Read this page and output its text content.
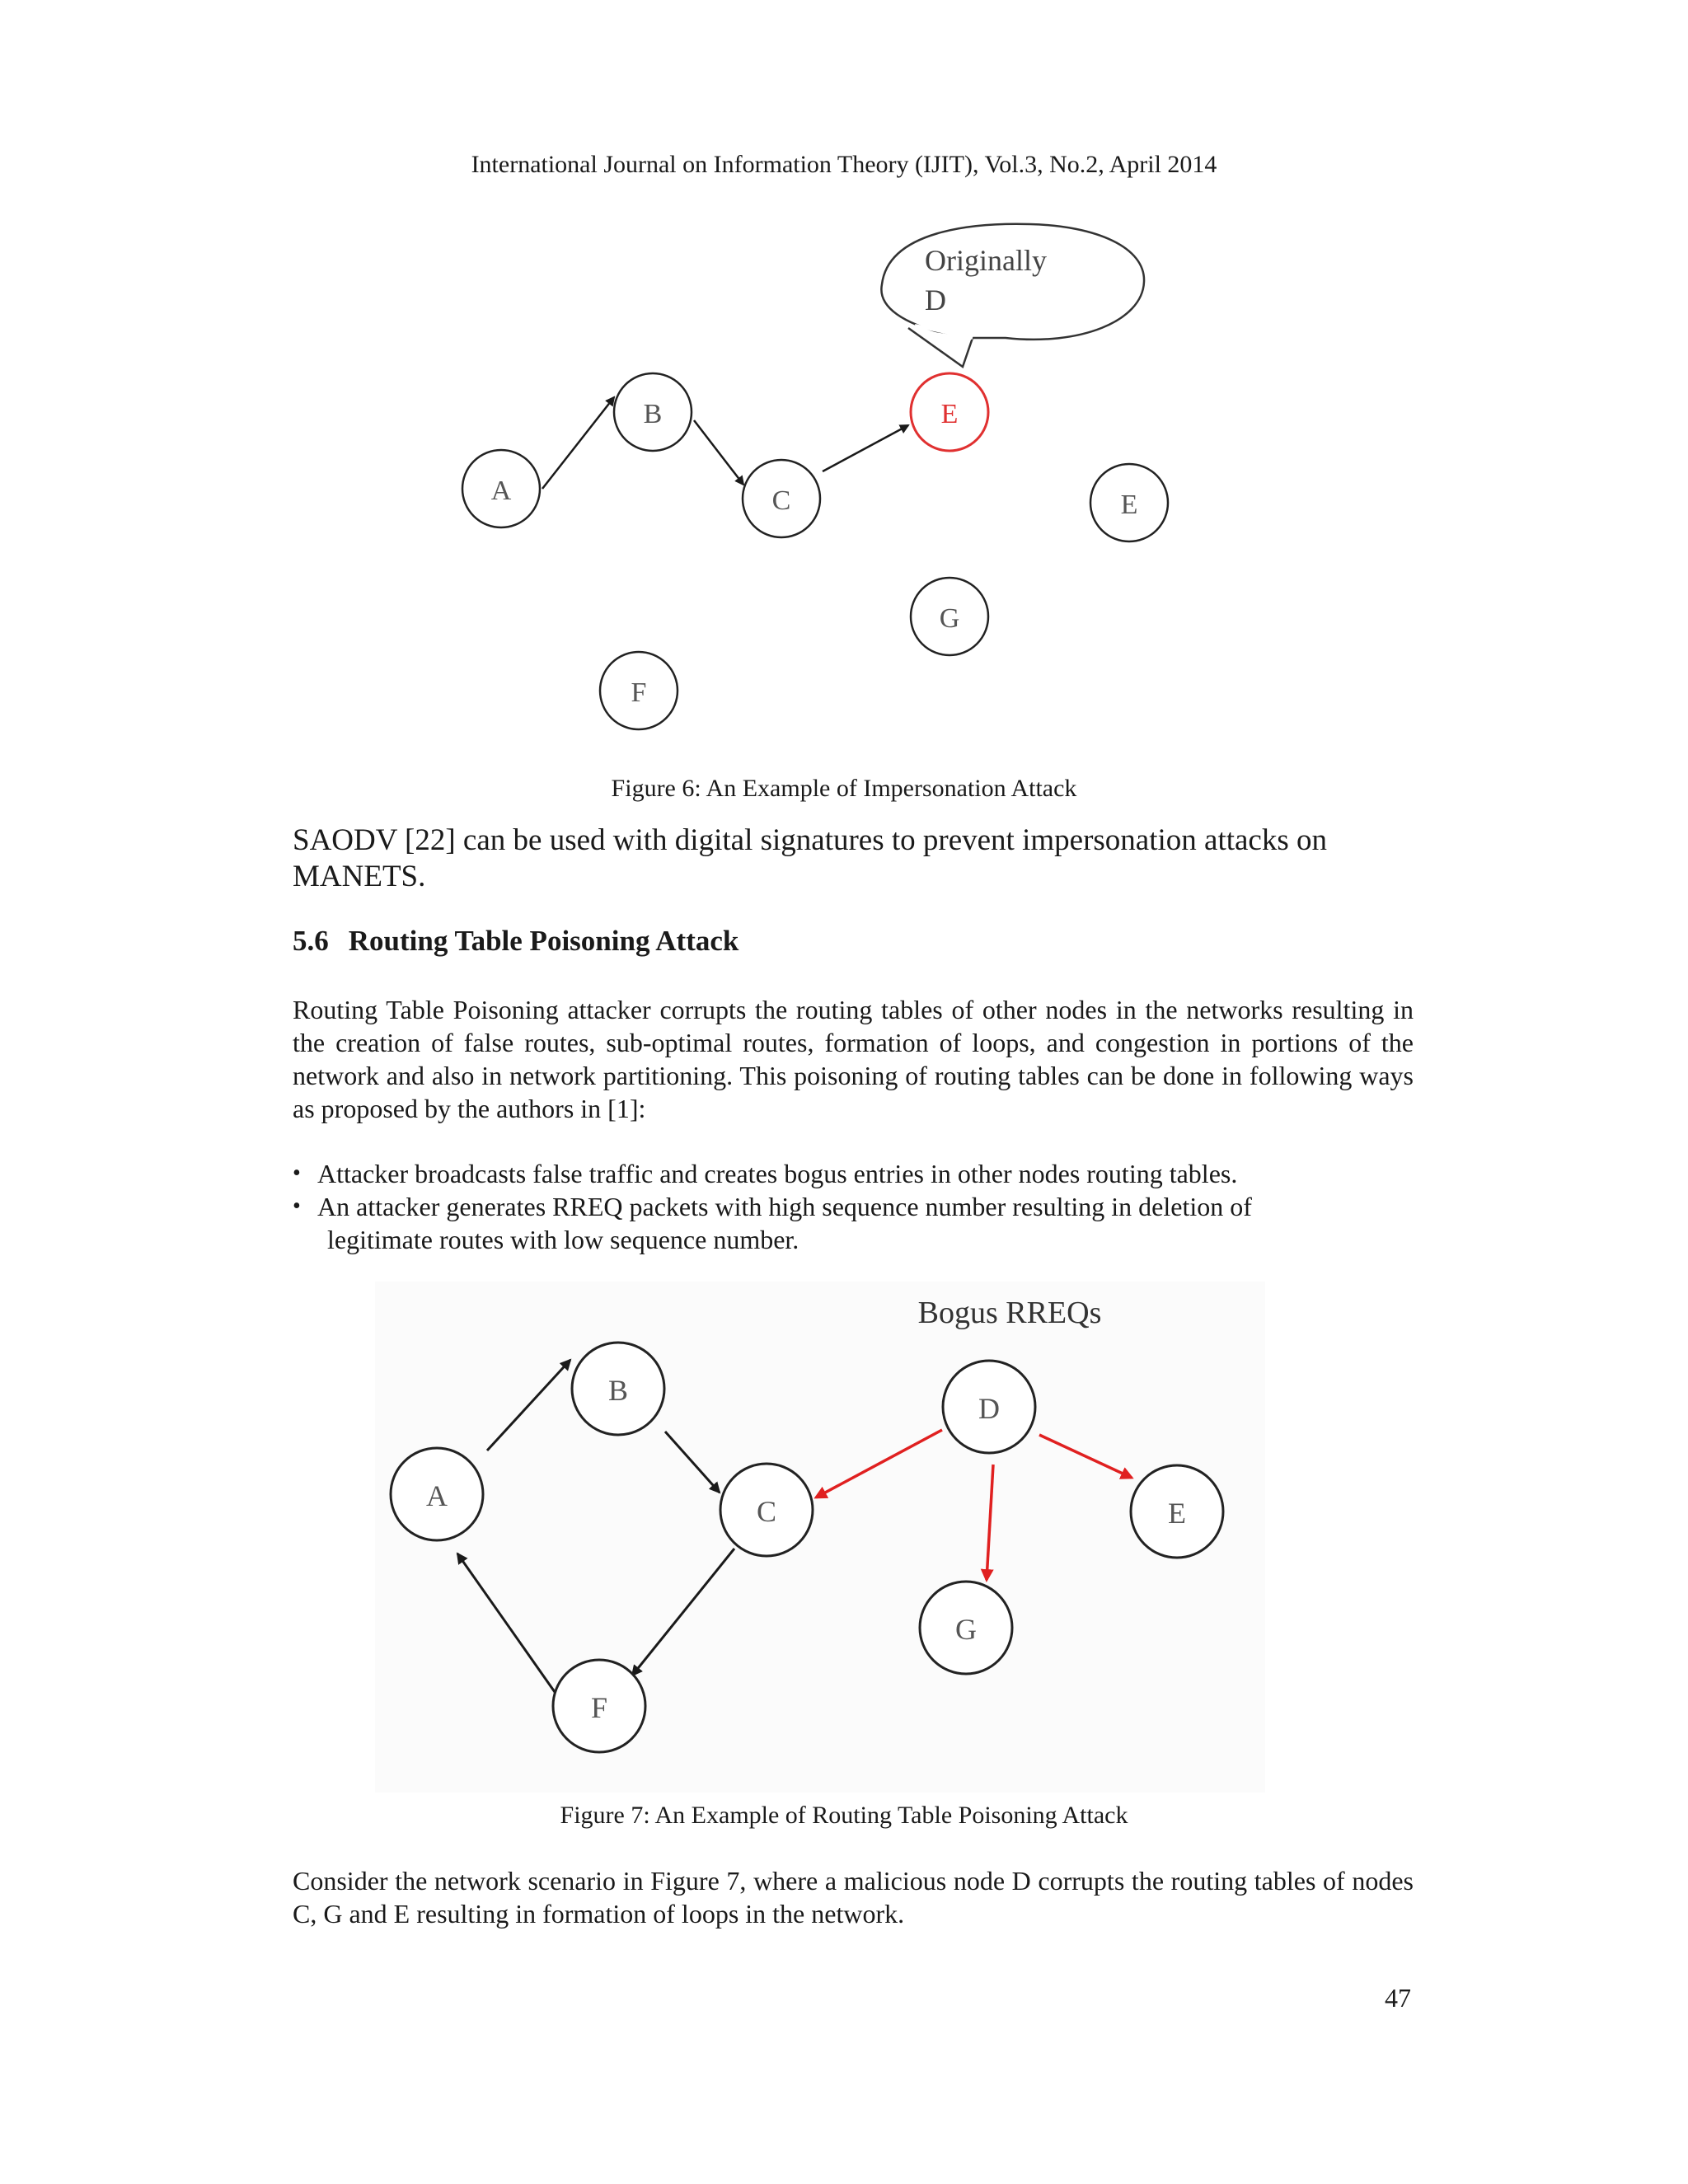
International Journal on Information Theory (IJIT), Vol.3, No.2, April 2014
Originally
D
A
B
C
E
E
G
F
Figure 6: An Example of Impersonation Attack
SAODV [22] can be used with digital signatures to prevent impersonation attacks on MANETS.
5.6 Routing Table Poisoning Attack
Routing Table Poisoning attacker corrupts the routing tables of other nodes in the networks resulting in the creation of false routes, sub-optimal routes, formation of loops, and congestion in portions of the network and also in network partitioning. This poisoning of routing tables can be done in following ways as proposed by the authors in [1]:
• Attacker broadcasts false traffic and creates bogus entries in other nodes routing tables.
• An attacker generates RREQ packets with high sequence number resulting in deletion of
legitimate routes with low sequence number.
Bogus RREQs
A
B
C
D
E
G
F
Figure 7: An Example of Routing Table Poisoning Attack
Consider the network scenario in Figure 7, where a malicious node D corrupts the routing tables of nodes C, G and E resulting in formation of loops in the network.
47
